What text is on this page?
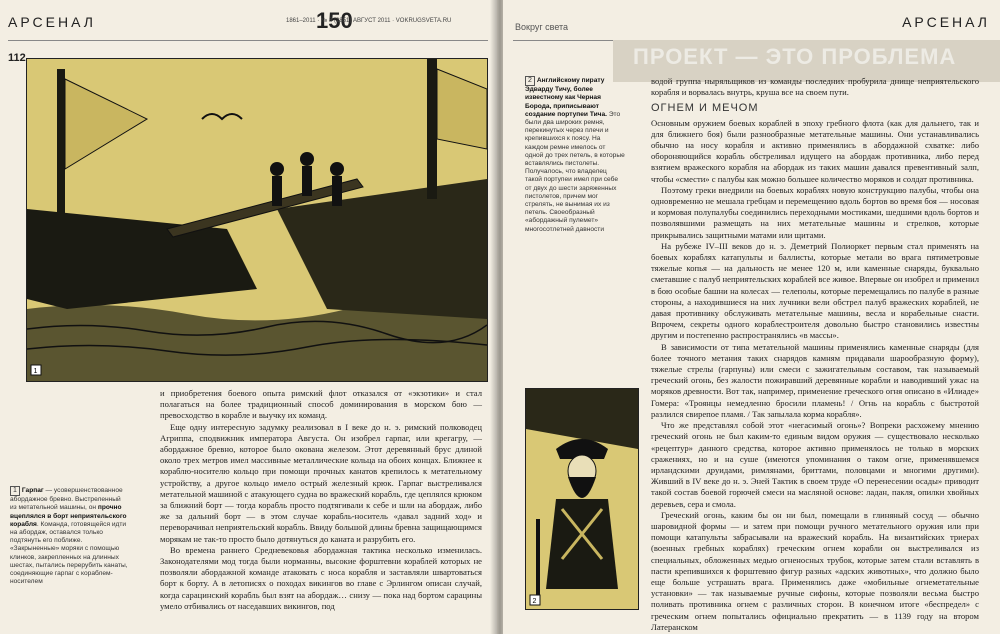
АРСЕНАЛ	150
1861–2011 · № 8 (2851) АВГУСТ 2011 · VOKRUGSVETA.RU
112
1
1 Гарпаг — усовершенствованное абордажное бревно. Выстреленный из метательной машины, он прочно вцеплялся в борт неприятельского корабля. Команда, готовящейся идти на абордаж, оставался только подтянуть его поближе. «Закрыненные» моряки с помощью клинков, закрепленных на длинных шестах, пытались перерубить канаты, соединяющие гарпаг с кораблем-носителем

и приобретения боевого опыта римский флот отказался от «экзотики» и стал полагаться на более традиционный способ доминирования в морском бою — превосходство в корабле и выучку их команд.

Еще одну интересную задумку реализовал в I веке до н. э. римский полководец Агриппа, сподвижник императора Августа. Он изобрел гарпаг, или крегагру, — абордажное бревно, которое было окована железом. Этот деревянный брус длиной около трех метров имел массивные металлические кольца на обоих концах. Ближнее к кораблю-носителю кольцо при помощи прочных канатов крепилось к метательному устройству, а другое кольцо имело острый железный крюк. Гарпаг выстреливался метательной машиной с атакующего судна во вражеский корабль, где цеплялся крюком за ближний борт — тогда корабль просто подтягивали к себе и шли на абордаж, либо же за дальний борт — в этом случае корабль-носитель «давал задний ход» и переворачивал неприятельский корабль. Ввиду большой длины бревна защищающимся морякам не так-то просто было дотянуться до каната и разрубить его.

Во времена раннего Средневековья абордажная тактика несколько изменилась. Законодателями мод тогда были норманны, высокие форштевни кораблей которых не позволяли абордажной команде атаковать с носа корабля и заставляли швартоваться борт к борту. А в летописях о походах викингов во главе с Эрлингом описан случай, когда сарацинский корабль был взят на абордаж… снизу — пока над бортом сарацины умело отбивались от наседавших викингов, под

Вокруг света	АРСЕНАЛ
ПРОЕКТ — ЭТО ПРОБЛЕМА
2 Английскому пирату Эдварду Тичу, более известному как Черная Борода, приписывают создание портупеи Тича. Это были два широких ремня, перекинутых через плечи и крепившихся к поясу. На каждом ремне имелось от одной до трех петель, в которые вставлялись пистолеты. Получалось, что владелец такой портупеи имел при себе от двух до шести заряженных пистолетов, причем мог стрелять, не вынимая их из петель. Своеобразный «абордажный пулемет» многосотлетней давности
2

водой группа ныряльщиков из команды последних пробурила днище неприятельского корабля и ворвалась внутрь, круша все на своем пути.

ОГНЕМ И МЕЧОМ

Основным оружием боевых кораблей в эпоху гребного флота (как для дальнего, так и для ближнего боя) были разнообразные метательные машины. Они устанавливались обычно на носу корабля и активно применялись в абордажной схватке: либо обороняющийся корабль обстреливал идущего на абордаж противника, либо перед взятием вражеского корабля на абордаж из таких машин давался превентивный залп, чтобы «смести» с палубы как можно большее количество моряков и солдат противника.

Поэтому греки внедрили на боевых кораблях новую конструкцию палубы, чтобы она одновременно не мешала гребцам и перемещению вдоль бортов во время боя — носовая и кормовая полупалубы соединились переходными мостиками, шедшими вдоль бортов и позволявшими размещать на них метательные машины и стрелков, которые прикрывались защитными матами или щитами.

На рубеже IV–III веков до н. э. Деметрий Полиоркет первым стал применять на боевых кораблях катапульты и баллисты, которые метали во врага пятиметровые тяжелые копья — на дальность не менее 120 м, или каменные снаряды, буквально сметавшие с палуб неприятельских кораблей все живое. Впервые он изобрел и применил в бою особые башни на колесах — гелеполы, которые перемещались по палубе в разные стороны, а находившиеся на них лучники вели обстрел палуб вражеских кораблей, не давая противнику обслуживать метательные машины, весла и корабельные снасти. Впрочем, секреты одного кораблестроителя довольно быстро становились известны другим и постепенно распространялись «в массы».

В зависимости от типа метательной машины применялись каменные снаряды (для более точного метания таких снарядов камням придавали шарообразную форму), тяжелые стрелы (гарпуны) или смеси с зажигательным составом, так называемый греческий огонь, без жалости пожиравший деревянные корабли и наводивший ужас на моряков древности. Вот так, например, применение греческого огня описано в «Илиаде» Гомера: «Троянцы немедленно бросили пламень! / Огнь на корабль с быстротой разлился свирепое пламя. / Так запылала корма корабля».

Что же представлял собой этот «негасимый огонь»? Вопреки расхожему мнению греческий огонь не был каким-то единым видом оружия — существовало несколько «рецептур» данного средства, которое активно применялось не только в морских сражениях, но и на суше (имеются упоминания о таком огне, применявшемся ирландскими друидами, римлянами, бриттами, половцами и многими другими). Живший в IV веке до н. э. Эней Тактик в своем труде «О перенесении осады» приводит такой состав боевой горючей смеси на масляной основе: ладан, пакля, опилки хвойных деревьев, сера и смола.

Греческий огонь, каким бы он ни был, помещали в глиняный сосуд — обычно шаровидной формы — и затем при помощи ручного метательного оружия или при помощи катапульты забрасывали на вражеский корабль. На византийских триерах (военных гребных кораблях) греческим огнем корабли он выстреливался из специальных, обложенных медью огненосных трубок, которые затем стали вставлять в пасти крепившихся к форштевню фигур разных «адских животных», что должно было еще больше устрашать врага. Применялись даже «мобильные огнеметательные установки» — так называемые ручные сифоны, которые позволяли весьма быстро поливать противника огнем с различных сторон. В конечном итоге «беспредел» с греческим огнем попытались официально прекратить — в 1139 году на втором Латеранском
